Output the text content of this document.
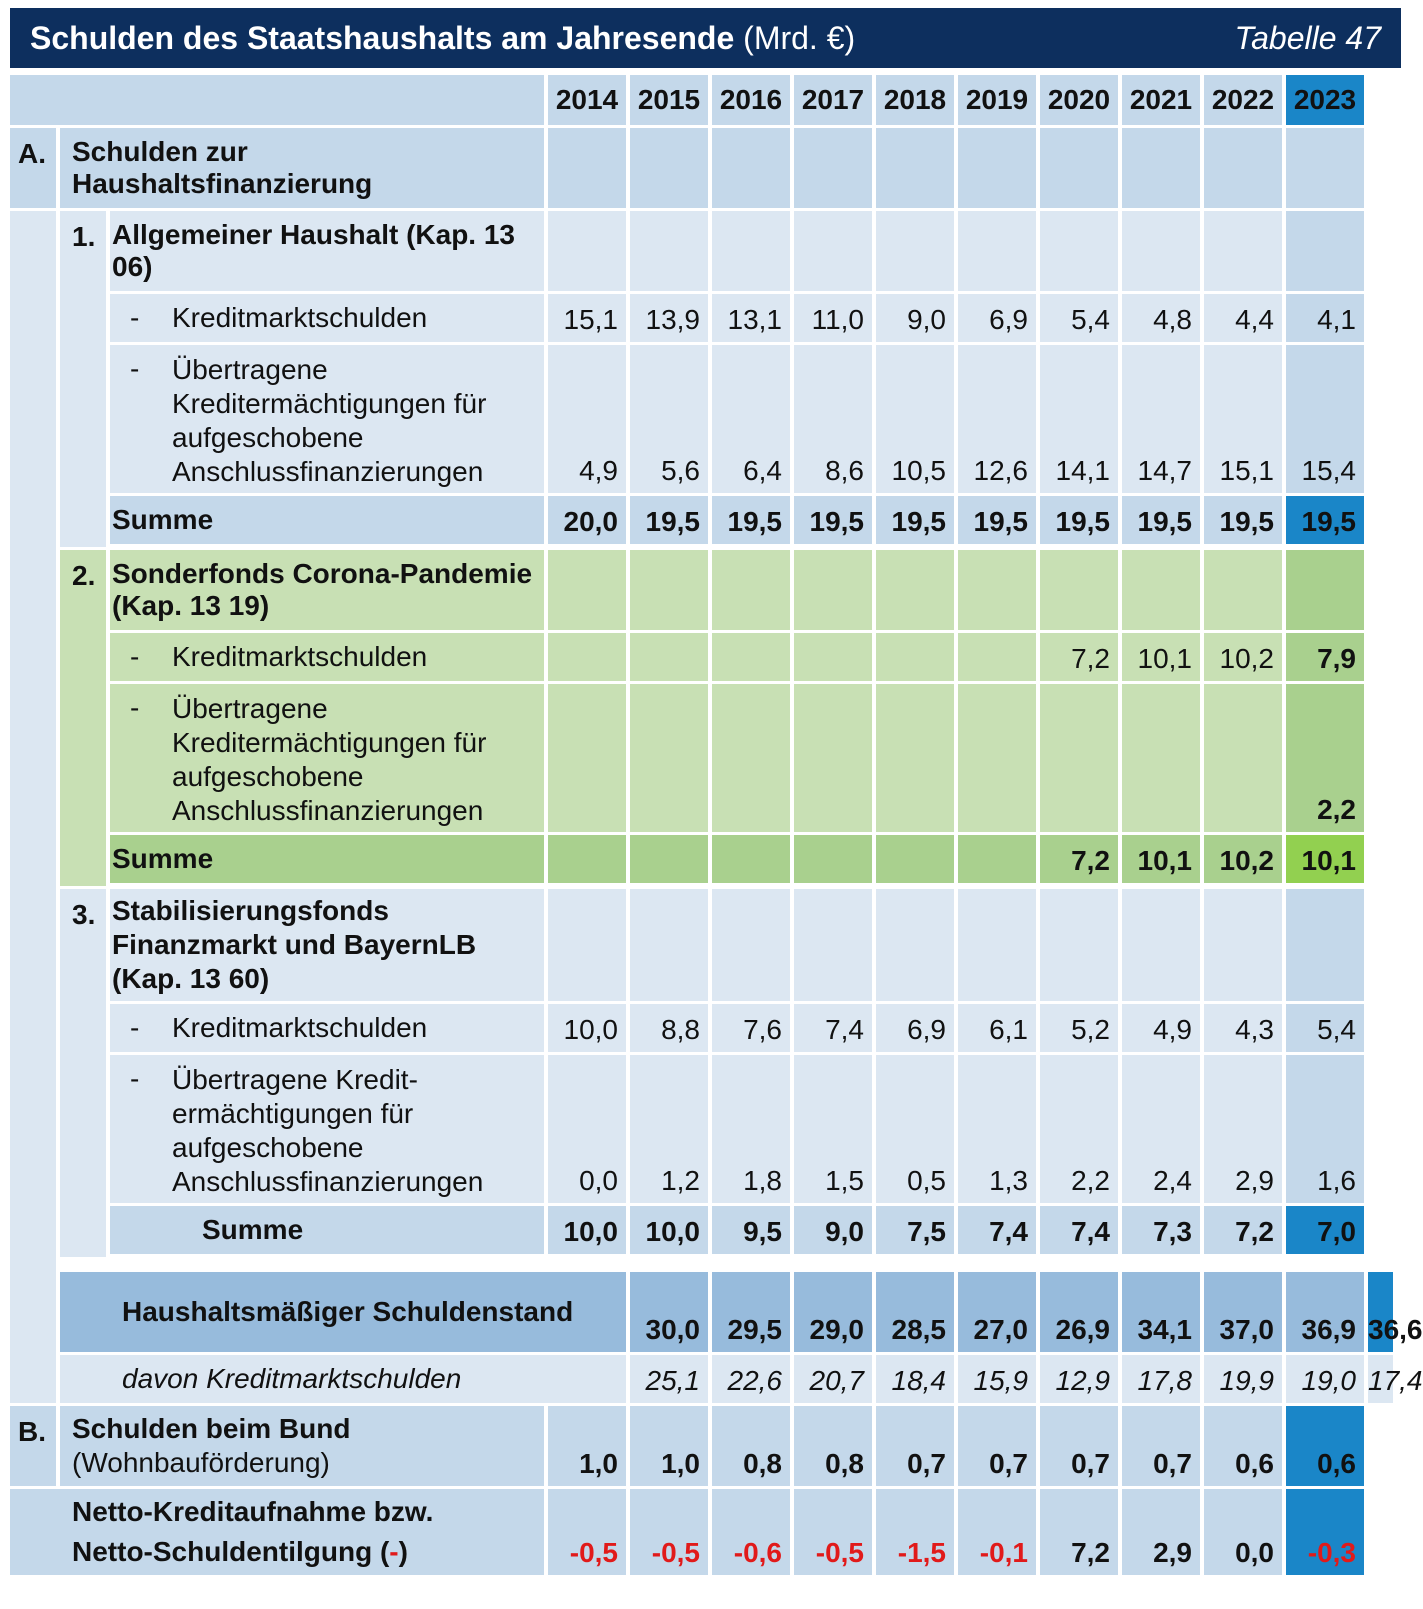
Schulden des Staatshaushalts am Jahresende (Mrd. €)	Tabelle 47
			2014	2015	2016	2017	2018	2019	2020	2021	2022	2023	
A.	Schulden zur Haushaltsfinanzierung												
	1.	Allgemeiner Haushalt (Kap. 13 06)											

		- Kreditmarktschulden	15,1	13,9	13,1	11,0	9,0	6,9	5,4	4,8	4,4	4,1	

		- Übertragene Kreditermächtigungen für aufgeschobene Anschlussfinanzierungen	4,9	5,6	6,4	8,6	10,5	12,6	14,1	14,7	15,1	15,4	
		Summe	20,0	19,5	19,5	19,5	19,5	19,5	19,5	19,5	19,5	19,5	

	2.	Sonderfonds Corona-Pandemie (Kap. 13 19)											

		- Kreditmarktschulden							7,2	10,1	10,2	7,9	

		- Übertragene Kreditermächtigungen für aufgeschobene Anschlussfinanzierungen										2,2	
		Summe							7,2	10,1	10,2	10,1	

	3.	Stabilisierungsfonds Finanzmarkt und BayernLB (Kap. 13 60)											

		- Kreditmarktschulden	10,0	8,8	7,6	7,4	6,9	6,1	5,2	4,9	4,3	5,4	

		- Übertragene Kredit-ermächtigungen für aufgeschobene Anschlussfinanzierungen	0,0	1,2	1,8	1,5	0,5	1,3	2,2	2,4	2,9	1,6	
		Summe	10,0	10,0	9,5	9,0	7,5	7,4	7,4	7,3	7,2	7,0	

	Haushaltsmäßiger Schuldenstand			30,0	29,5	29,0	28,5	27,0	26,9	34,1	37,0	36,9	36,6
	davon Kreditmarktschulden			25,1	22,6	20,7	18,4	15,9	12,9	17,8	19,9	19,0	17,4
B.	Schulden beim Bund
(Wohnbauförderung)		1,0	1,0	0,8	0,8	0,7	0,7	0,7	0,7	0,6	0,6	

Netto-Kreditaufnahme bzw.
Netto-Schuldentilgung (-)			-0,5	-0,5	-0,6	-0,5	-1,5	-0,1	7,2	2,9	0,0	-0,3	
